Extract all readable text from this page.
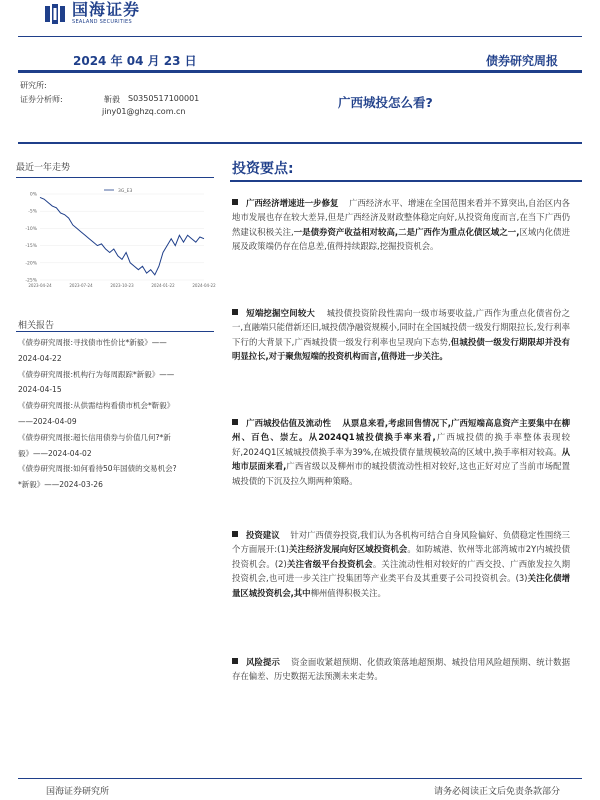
国海证券
SEALAND SECURITIES
2024 年 04 月 23 日	债券研究周报
研究所:
证券分析师:	靳毅 S0350517100001
jiny01@ghzq.com.cn
广西城投怎么看?
最近一年走势
0%
-5%
-10%
-15%
-20%
-25%
2023-04-24	2023-07-24	2023-10-23	2024-01-22	2024-04-22
3G_E3
相关报告
《债券研究周报:寻找债市性价比*新毅》——
2024-04-22
《债券研究周报:机构行为每周跟踪*新毅》——
2024-04-15
《债券研究周报:从供需结构看债市机会*靳毅》
——2024-04-09
《债券研究周报:超长信用债券与价值几何?*新
毅》——2024-04-02
《债券研究周报:如何看待50年国债的交易机会?
*新毅》——2024-03-26
投资要点:
广西经济增速进一步修复 广西经济水平、增速在全国范围来看并不算突出,自治区内各地市发展也存在较大差异,但是广西经济及财政整体稳定向好,从投资角度而言,在当下广西仍然建议积极关注,一是债券资产收益相对较高,二是广西作为重点化债区域之一,区域内化债进展及政策端仍存在信息差,值得持续跟踪,挖掘投资机会。
短端挖掘空间较大 城投债投资阶段性需向一级市场要收益,广西作为重点化债省份之一,直融端只能借新还旧,城投债净融资规模小,同时在全国城投债一级发行期限拉长,发行利率下行的大背景下,广西城投债一级发行利率也呈现向下态势,但城投债一级发行期限却并没有明显拉长,对于聚焦短端的投资机构而言,值得进一步关注。
广西城投估值及流动性 从票息来看,考虑回售情况下,广西短端高息资产主要集中在柳州、百色、崇左。从2024Q1城投债换手率来看,广西城投债的换手率整体表现较好,2024Q1区城城投债换手率为39%,在城投债存量规模较高的区域中,换手率相对较高。从地市层面来看,广西省级以及柳州市的城投债流动性相对较好,这也正好对应了当前市场配置城投债的下沉及拉久期两种策略。
投资建议 针对广西债券投资,我们认为各机构可结合自身风险偏好、负债稳定性围绕三个方面展开:(1)关注经济发展向好区域投资机会。如防城港、钦州等北部湾城市2Y内城投债投资机会。(2)关注省级平台投资机会。关注流动性相对较好的广西交投、广西旅发拉久期投资机会,也可进一步关注广投集团等产业类平台及其重要子公司投资机会。(3)关注化债增量区城投资机会,其中柳州值得积极关注。
风险提示 资金面收紧超预期、化债政策落地超预期、城投信用风险超预期、统计数据存在偏差、历史数据无法预测未来走势。
国海证券研究所	请务必阅读正文后免责条款部分
